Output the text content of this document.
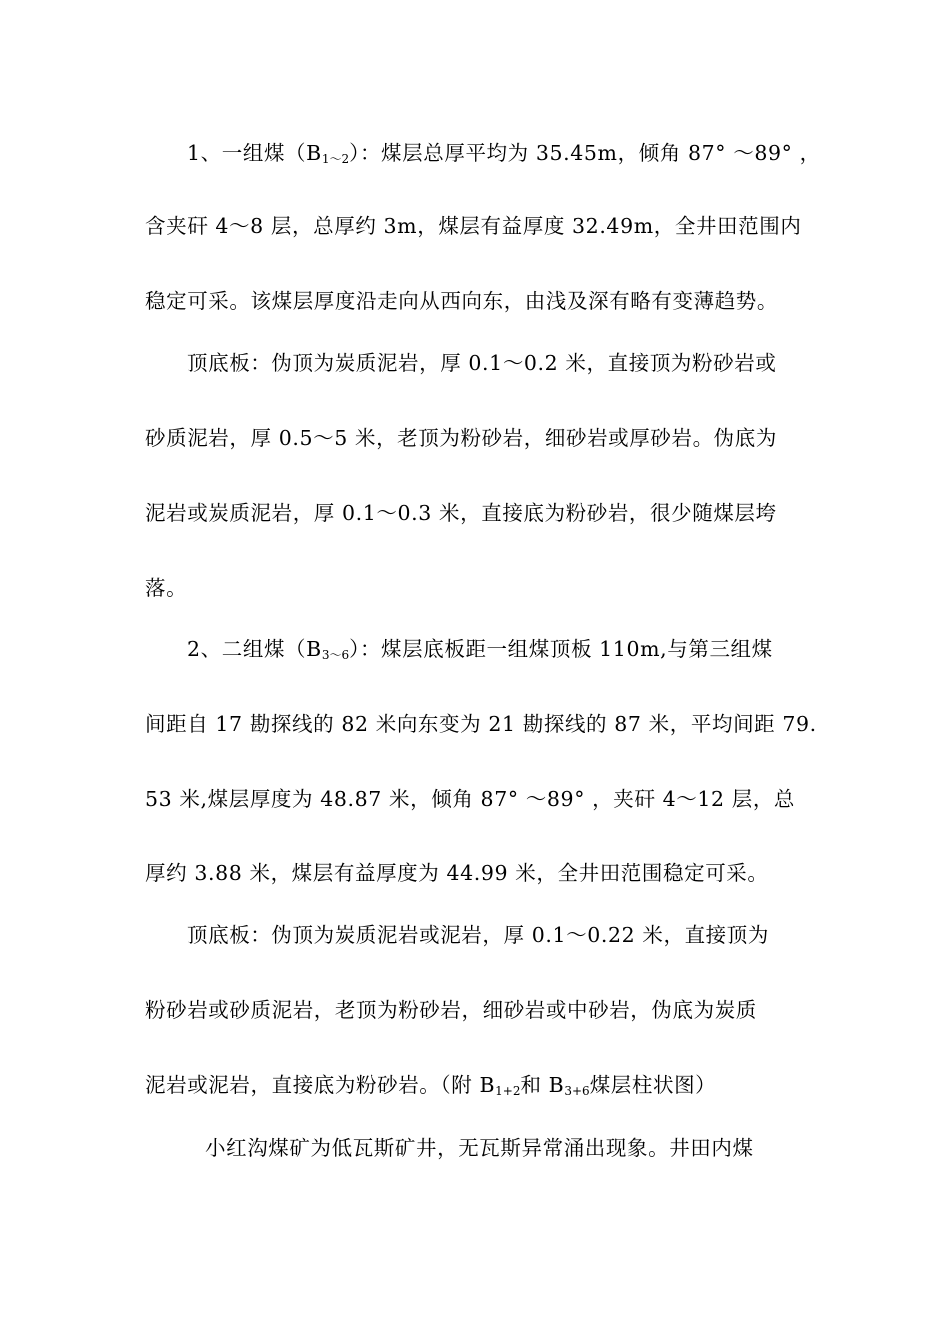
1、一组煤$(B_{1\sim 2})$：煤层总厚平均为 35.45m，倾角 87° ～89° ，
含夹矸 4～8 层，总厚约 3m，煤层有益厚度 32.49m，全井田范围内
稳定可采。该煤层厚度沿走向从西向东，由浅及深有略有变薄趋势。
顶底板：伪顶为炭质泥岩，厚 0.1～0.2 米，直接顶为粉砂岩或
砂质泥岩，厚 0.5～5 米，老顶为粉砂岩，细砂岩或厚砂岩。伪底为
泥岩或炭质泥岩，厚 0.1～0.3 米，直接底为粉砂岩，很少随煤层垮
落。
2、二组煤$(B_{3\sim 6})$：煤层底板距一组煤顶板 110m,与第三组煤
间距自 17 勘探线的 82 米向东变为 21 勘探线的 87 米，平均间距 79.
53 米,煤层厚度为 48.87 米，倾角 87° ～89° ，夹矸 4～12 层，总
厚约 3.88 米，煤层有益厚度为 44.99 米，全井田范围稳定可采。
顶底板：伪顶为炭质泥岩或泥岩，厚 0.1～0.22 米，直接顶为
粉砂岩或砂质泥岩，老顶为粉砂岩，细砂岩或中砂岩，伪底为炭质
泥岩或泥岩，直接底为粉砂岩。（附 $B_{1+2}$和 $B_{3+6}$煤层柱状图）
小红沟煤矿为低瓦斯矿井，无瓦斯异常涌出现象。井田内煤
